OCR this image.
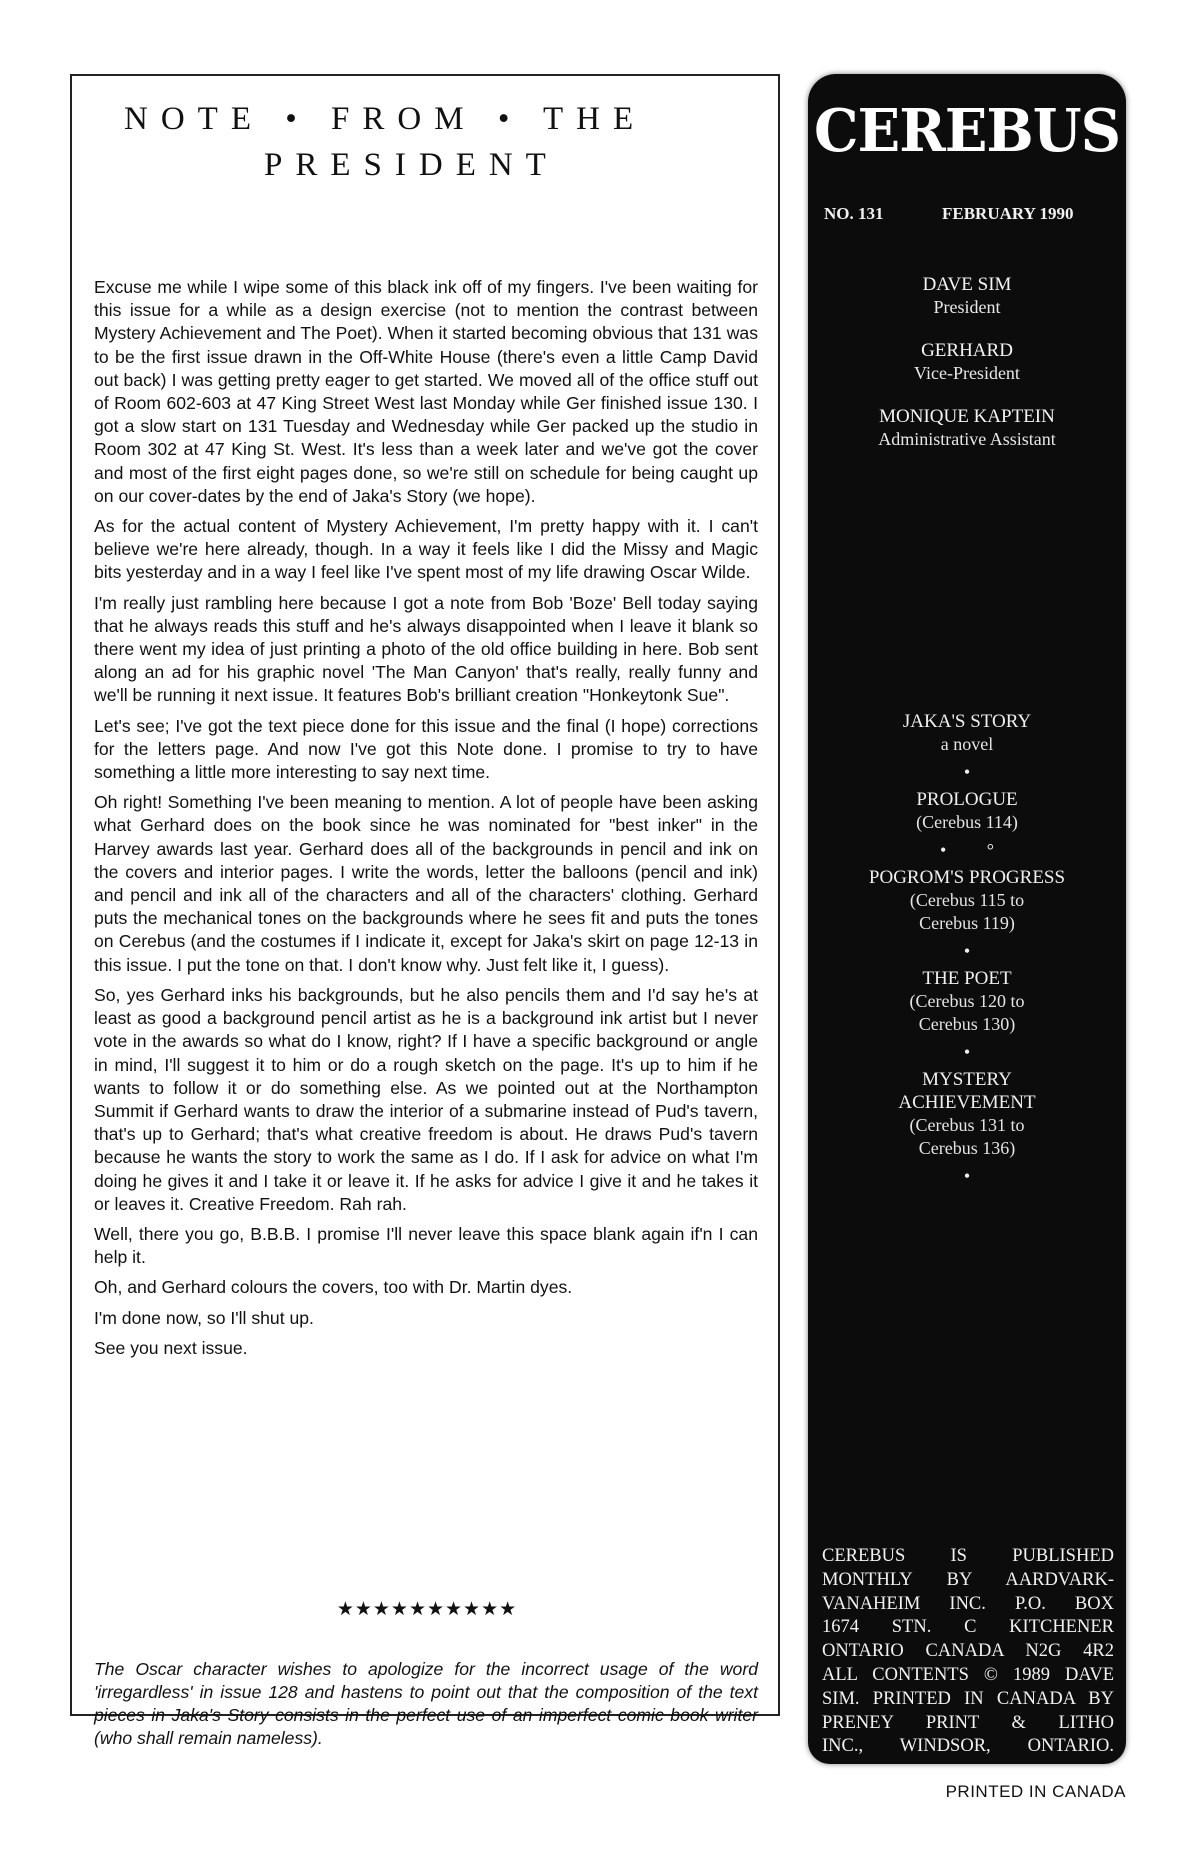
NOTE • FROM • THE
PRESIDENT

Excuse me while I wipe some of this black ink off of my fingers. I've been waiting for this issue for a while as a design exercise (not to mention the contrast between Mystery Achievement and The Poet). When it started becoming obvious that 131 was to be the first issue drawn in the Off-White House (there's even a little Camp David out back) I was getting pretty eager to get started. We moved all of the office stuff out of Room 602-603 at 47 King Street West last Monday while Ger finished issue 130. I got a slow start on 131 Tuesday and Wednesday while Ger packed up the studio in Room 302 at 47 King St. West. It's less than a week later and we've got the cover and most of the first eight pages done, so we're still on schedule for being caught up on our cover-dates by the end of Jaka's Story (we hope).

As for the actual content of Mystery Achievement, I'm pretty happy with it. I can't believe we're here already, though. In a way it feels like I did the Missy and Magic bits yesterday and in a way I feel like I've spent most of my life drawing Oscar Wilde.

I'm really just rambling here because I got a note from Bob 'Boze' Bell today saying that he always reads this stuff and he's always disappointed when I leave it blank so there went my idea of just printing a photo of the old office building in here. Bob sent along an ad for his graphic novel 'The Man Canyon' that's really, really funny and we'll be running it next issue. It features Bob's brilliant creation "Honkeytonk Sue".

Let's see; I've got the text piece done for this issue and the final (I hope) corrections for the letters page. And now I've got this Note done. I promise to try to have something a little more interesting to say next time.

Oh right! Something I've been meaning to mention. A lot of people have been asking what Gerhard does on the book since he was nominated for "best inker" in the Harvey awards last year. Gerhard does all of the backgrounds in pencil and ink on the covers and interior pages. I write the words, letter the balloons (pencil and ink) and pencil and ink all of the characters and all of the characters' clothing. Gerhard puts the mechanical tones on the backgrounds where he sees fit and puts the tones on Cerebus (and the costumes if I indicate it, except for Jaka's skirt on page 12-13 in this issue. I put the tone on that. I don't know why. Just felt like it, I guess).

So, yes Gerhard inks his backgrounds, but he also pencils them and I'd say he's at least as good a background pencil artist as he is a background ink artist but I never vote in the awards so what do I know, right? If I have a specific background or angle in mind, I'll suggest it to him or do a rough sketch on the page. It's up to him if he wants to follow it or do something else. As we pointed out at the Northampton Summit if Gerhard wants to draw the interior of a submarine instead of Pud's tavern, that's up to Gerhard; that's what creative freedom is about. He draws Pud's tavern because he wants the story to work the same as I do. If I ask for advice on what I'm doing he gives it and I take it or leave it. If he asks for advice I give it and he takes it or leaves it. Creative Freedom. Rah rah.

Well, there you go, B.B.B. I promise I'll never leave this space blank again if'n I can help it.

Oh, and Gerhard colours the covers, too with Dr. Martin dyes.

I'm done now, so I'll shut up.

See you next issue.

★★★★★★★★★★
The Oscar character wishes to apologize for the incorrect usage of the word 'irregardless' in issue 128 and hastens to point out that the composition of the text pieces in Jaka's Story consists in the perfect use of an imperfect comic book writer (who shall remain nameless).
CEREBUS
NO. 131	FEBRUARY 1990
DAVE SIM
President
GERHARD
Vice-President
MONIQUE KAPTEIN
Administrative Assistant
JAKA'S STORY
a novel
•
PROLOGUE
(Cerebus 114)
• °
POGROM'S PROGRESS
(Cerebus 115 to
Cerebus 119)
•
THE POET
(Cerebus 120 to
Cerebus 130)
•
MYSTERY
ACHIEVEMENT
(Cerebus 131 to
Cerebus 136)
•
CEREBUS IS PUBLISHED
MONTHLY BY AARDVARK-
VANAHEIM INC. P.O. BOX
1674 STN. C KITCHENER
ONTARIO CANADA N2G 4R2
ALL CONTENTS © 1989 DAVE
SIM. PRINTED IN CANADA BY
PRENEY PRINT & LITHO
INC., WINDSOR, ONTARIO.
PRINTED IN CANADA
